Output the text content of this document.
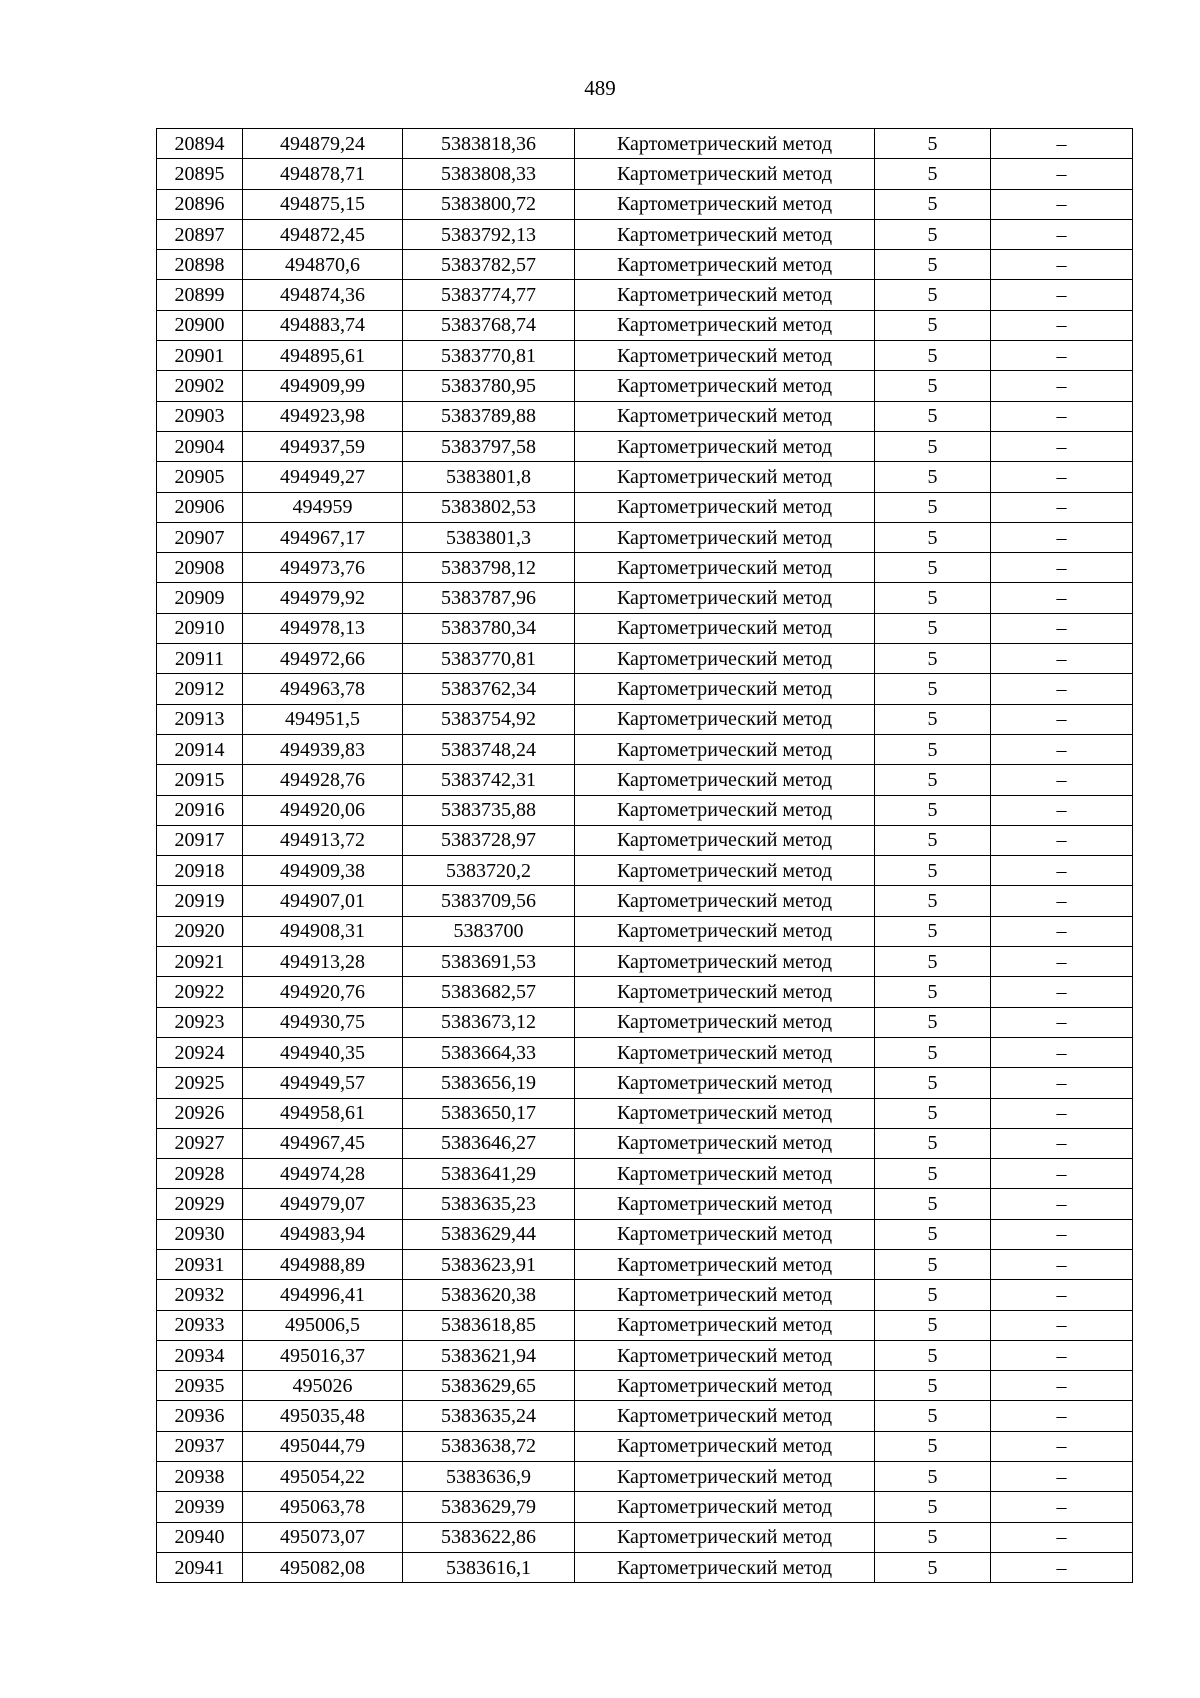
489
20894	494879,24	5383818,36	Картометрический метод	5	–
20895	494878,71	5383808,33	Картометрический метод	5	–
20896	494875,15	5383800,72	Картометрический метод	5	–
20897	494872,45	5383792,13	Картометрический метод	5	–
20898	494870,6	5383782,57	Картометрический метод	5	–
20899	494874,36	5383774,77	Картометрический метод	5	–
20900	494883,74	5383768,74	Картометрический метод	5	–
20901	494895,61	5383770,81	Картометрический метод	5	–
20902	494909,99	5383780,95	Картометрический метод	5	–
20903	494923,98	5383789,88	Картометрический метод	5	–
20904	494937,59	5383797,58	Картометрический метод	5	–
20905	494949,27	5383801,8	Картометрический метод	5	–
20906	494959	5383802,53	Картометрический метод	5	–
20907	494967,17	5383801,3	Картометрический метод	5	–
20908	494973,76	5383798,12	Картометрический метод	5	–
20909	494979,92	5383787,96	Картометрический метод	5	–
20910	494978,13	5383780,34	Картометрический метод	5	–
20911	494972,66	5383770,81	Картометрический метод	5	–
20912	494963,78	5383762,34	Картометрический метод	5	–
20913	494951,5	5383754,92	Картометрический метод	5	–
20914	494939,83	5383748,24	Картометрический метод	5	–
20915	494928,76	5383742,31	Картометрический метод	5	–
20916	494920,06	5383735,88	Картометрический метод	5	–
20917	494913,72	5383728,97	Картометрический метод	5	–
20918	494909,38	5383720,2	Картометрический метод	5	–
20919	494907,01	5383709,56	Картометрический метод	5	–
20920	494908,31	5383700	Картометрический метод	5	–
20921	494913,28	5383691,53	Картометрический метод	5	–
20922	494920,76	5383682,57	Картометрический метод	5	–
20923	494930,75	5383673,12	Картометрический метод	5	–
20924	494940,35	5383664,33	Картометрический метод	5	–
20925	494949,57	5383656,19	Картометрический метод	5	–
20926	494958,61	5383650,17	Картометрический метод	5	–
20927	494967,45	5383646,27	Картометрический метод	5	–
20928	494974,28	5383641,29	Картометрический метод	5	–
20929	494979,07	5383635,23	Картометрический метод	5	–
20930	494983,94	5383629,44	Картометрический метод	5	–
20931	494988,89	5383623,91	Картометрический метод	5	–
20932	494996,41	5383620,38	Картометрический метод	5	–
20933	495006,5	5383618,85	Картометрический метод	5	–
20934	495016,37	5383621,94	Картометрический метод	5	–
20935	495026	5383629,65	Картометрический метод	5	–
20936	495035,48	5383635,24	Картометрический метод	5	–
20937	495044,79	5383638,72	Картометрический метод	5	–
20938	495054,22	5383636,9	Картометрический метод	5	–
20939	495063,78	5383629,79	Картометрический метод	5	–
20940	495073,07	5383622,86	Картометрический метод	5	–
20941	495082,08	5383616,1	Картометрический метод	5	–
